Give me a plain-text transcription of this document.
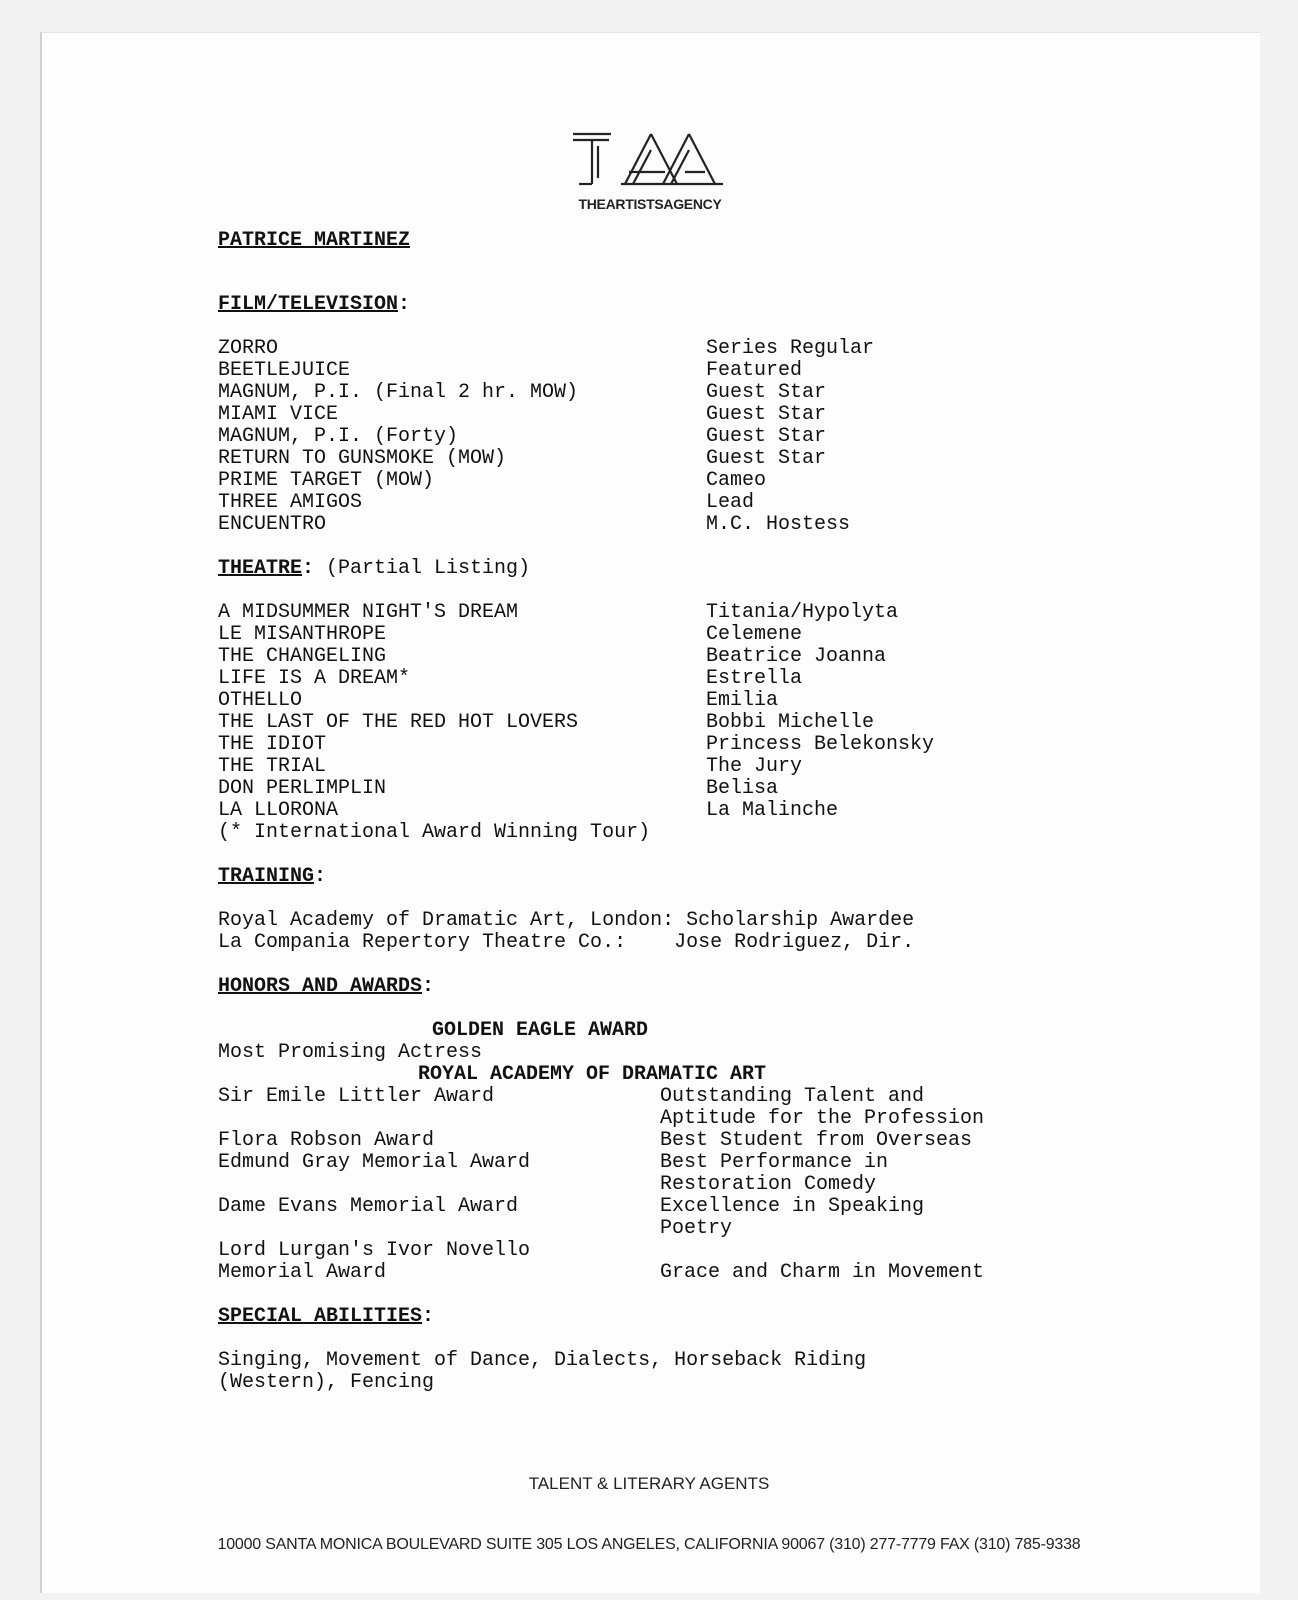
THEARTISTSAGENCY
PATRICE MARTINEZ
FILM/TELEVISION:
ZORRO	Series Regular
BEETLEJUICE	Featured
MAGNUM, P.I. (Final 2 hr. MOW)	Guest Star
MIAMI VICE	Guest Star
MAGNUM, P.I. (Forty)	Guest Star
RETURN TO GUNSMOKE (MOW)	Guest Star
PRIME TARGET (MOW)	Cameo
THREE AMIGOS	Lead
ENCUENTRO	M.C. Hostess
THEATRE: (Partial Listing)
A MIDSUMMER NIGHT'S DREAM	Titania/Hypolyta
LE MISANTHROPE	Celemene
THE CHANGELING	Beatrice Joanna
LIFE IS A DREAM*	Estrella
OTHELLO	Emilia
THE LAST OF THE RED HOT LOVERS	Bobbi Michelle
THE IDIOT	Princess Belekonsky
THE TRIAL	The Jury
DON PERLIMPLIN	Belisa
LA LLORONA	La Malinche
(* International Award Winning Tour)
TRAINING:
Royal Academy of Dramatic Art, London: Scholarship Awardee
La Compania Repertory Theatre Co.:    Jose Rodriguez, Dir.
HONORS AND AWARDS:
GOLDEN EAGLE AWARD
Most Promising Actress
ROYAL ACADEMY OF DRAMATIC ART
Sir Emile Littler Award	Outstanding Talent and
Aptitude for the Profession
Flora Robson Award	Best Student from Overseas
Edmund Gray Memorial Award	Best Performance in
Restoration Comedy
Dame Evans Memorial Award	Excellence in Speaking
Poetry
Lord Lurgan's Ivor Novello
Memorial Award	Grace and Charm in Movement
SPECIAL ABILITIES:
Singing, Movement of Dance, Dialects, Horseback Riding
(Western), Fencing
TALENT & LITERARY AGENTS
10000 SANTA MONICA BOULEVARD SUITE 305 LOS ANGELES, CALIFORNIA 90067 (310) 277-7779 FAX (310) 785-9338
